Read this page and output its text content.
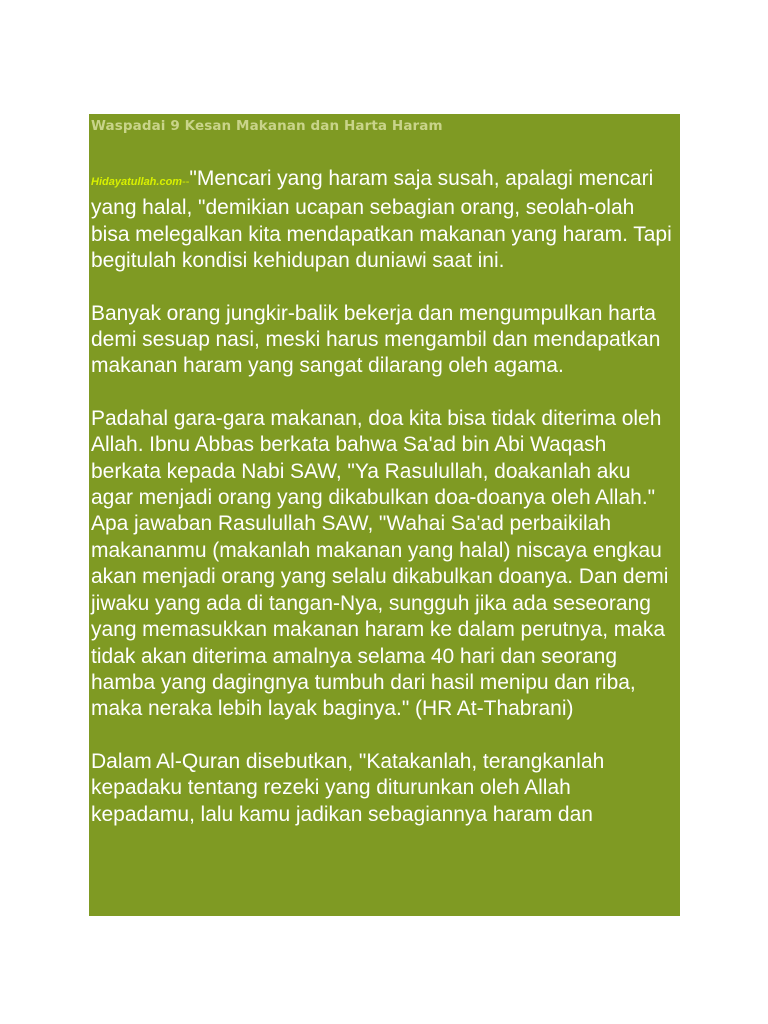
Waspadai 9 Kesan Makanan dan Harta Haram

Hidayatullah.com--"Mencari yang haram saja susah, apalagi mencari yang halal, "demikian ucapan sebagian orang, seolah-olah bisa melegalkan kita mendapatkan makanan yang haram. Tapi begitulah kondisi kehidupan duniawi saat ini.

Banyak orang jungkir-balik bekerja dan mengumpulkan harta demi sesuap nasi, meski harus mengambil dan mendapatkan makanan haram yang sangat dilarang oleh agama.

Padahal gara-gara makanan, doa kita bisa tidak diterima oleh Allah. Ibnu Abbas berkata bahwa Sa'ad bin Abi Waqash berkata kepada Nabi SAW, "Ya Rasulullah, doakanlah aku agar menjadi orang yang dikabulkan doa-doanya oleh Allah." Apa jawaban Rasulullah SAW, "Wahai Sa'ad perbaikilah makananmu (makanlah makanan yang halal) niscaya engkau akan menjadi orang yang selalu dikabulkan doanya. Dan demi jiwaku yang ada di tangan-Nya, sungguh jika ada seseorang yang memasukkan makanan haram ke dalam perutnya, maka tidak akan diterima amalnya selama 40 hari dan seorang hamba yang dagingnya tumbuh dari hasil menipu dan riba, maka neraka lebih layak baginya." (HR At-Thabrani)

Dalam Al-Quran disebutkan, "Katakanlah, terangkanlah kepadaku tentang rezeki yang diturunkan oleh Allah kepadamu, lalu kamu jadikan sebagiannya haram dan
